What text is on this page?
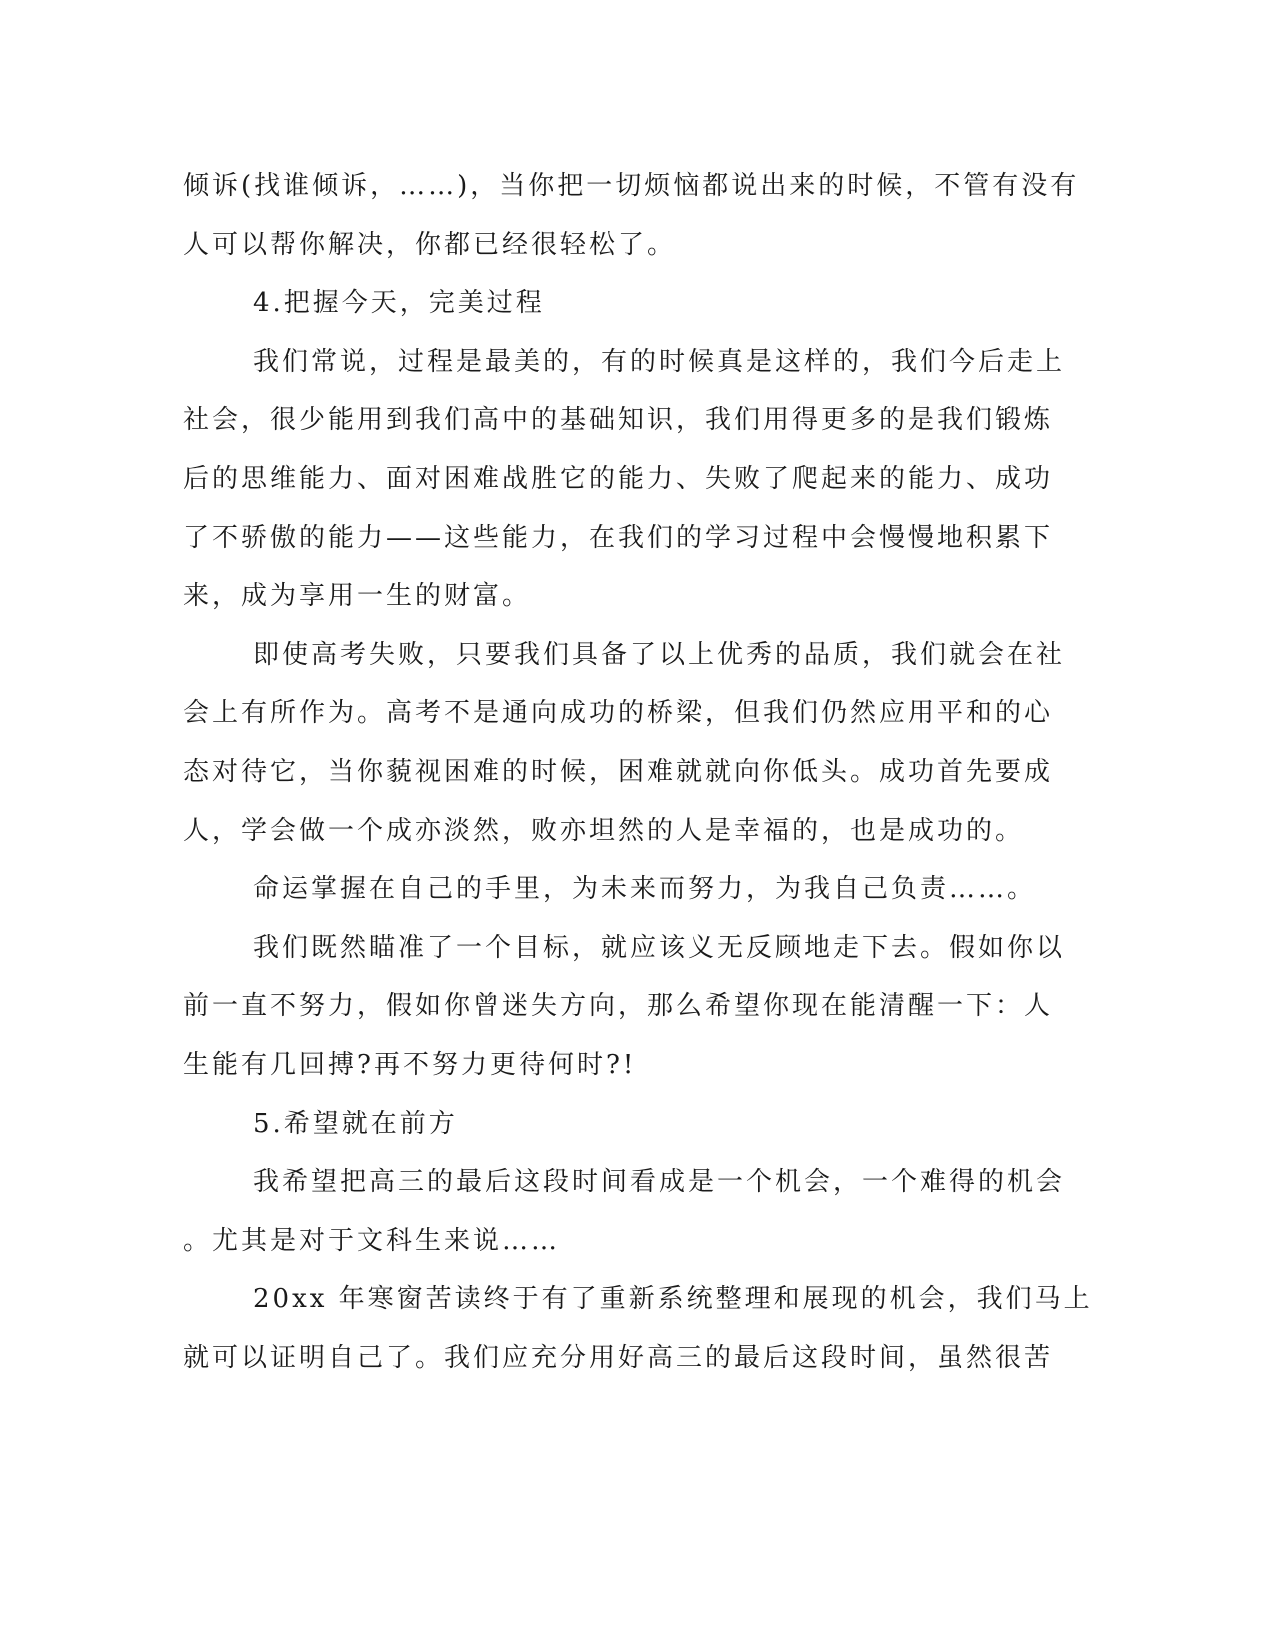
倾诉(找谁倾诉，……)，当你把一切烦恼都说出来的时候，不管有没有
人可以帮你解决，你都已经很轻松了。
4.把握今天，完美过程
我们常说，过程是最美的，有的时候真是这样的，我们今后走上
社会，很少能用到我们高中的基础知识，我们用得更多的是我们锻炼
后的思维能力、面对困难战胜它的能力、失败了爬起来的能力、成功
了不骄傲的能力——这些能力，在我们的学习过程中会慢慢地积累下
来，成为享用一生的财富。
即使高考失败，只要我们具备了以上优秀的品质，我们就会在社
会上有所作为。高考不是通向成功的桥梁，但我们仍然应用平和的心
态对待它，当你藐视困难的时候，困难就就向你低头。成功首先要成
人，学会做一个成亦淡然，败亦坦然的人是幸福的，也是成功的。
命运掌握在自己的手里，为未来而努力，为我自己负责……。
我们既然瞄准了一个目标，就应该义无反顾地走下去。假如你以
前一直不努力，假如你曾迷失方向，那么希望你现在能清醒一下：人
生能有几回搏?再不努力更待何时?!
5.希望就在前方
我希望把高三的最后这段时间看成是一个机会，一个难得的机会
。尤其是对于文科生来说……
20xx 年寒窗苦读终于有了重新系统整理和展现的机会，我们马上
就可以证明自己了。我们应充分用好高三的最后这段时间，虽然很苦
